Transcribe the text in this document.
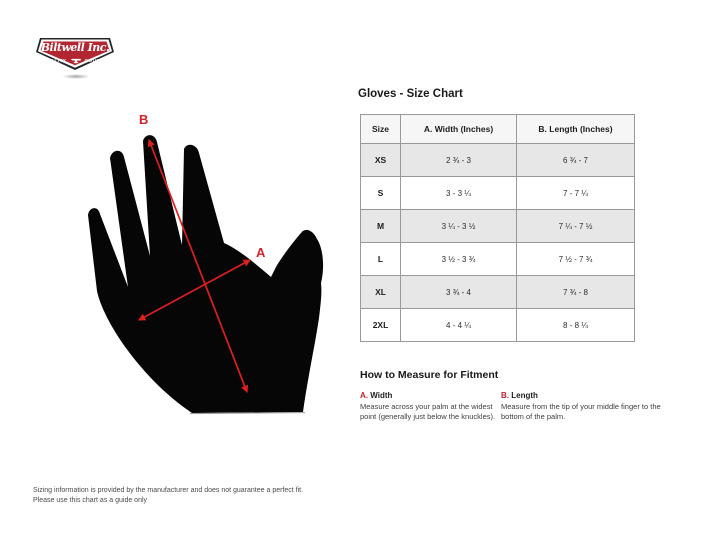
Biltwell Inc.
“QUALITY	COUNTS”
B
A
Gloves - Size Chart
Size	A. Width (Inches)	B. Length (Inches)
XS	2 ¾ - 3	6 ¾ - 7
S	3 - 3 ¼	7 - 7 ¼
M	3 ¼ - 3 ½	7 ¼ - 7 ½
L	3 ½ - 3 ¾	7 ½ - 7 ¾
XL	3 ¾ - 4	7 ¾ - 8
2XL	4 - 4 ¼	8 - 8 ¼
How to Measure for Fitment
A. Width
Measure across your palm at the widest point (generally just below the knuckles).
B. Length
Measure from the tip of your middle finger to the bottom of the palm.
Sizing information is provided by the manufacturer and does not guarantee a perfect fit.
Please use this chart as a guide only
